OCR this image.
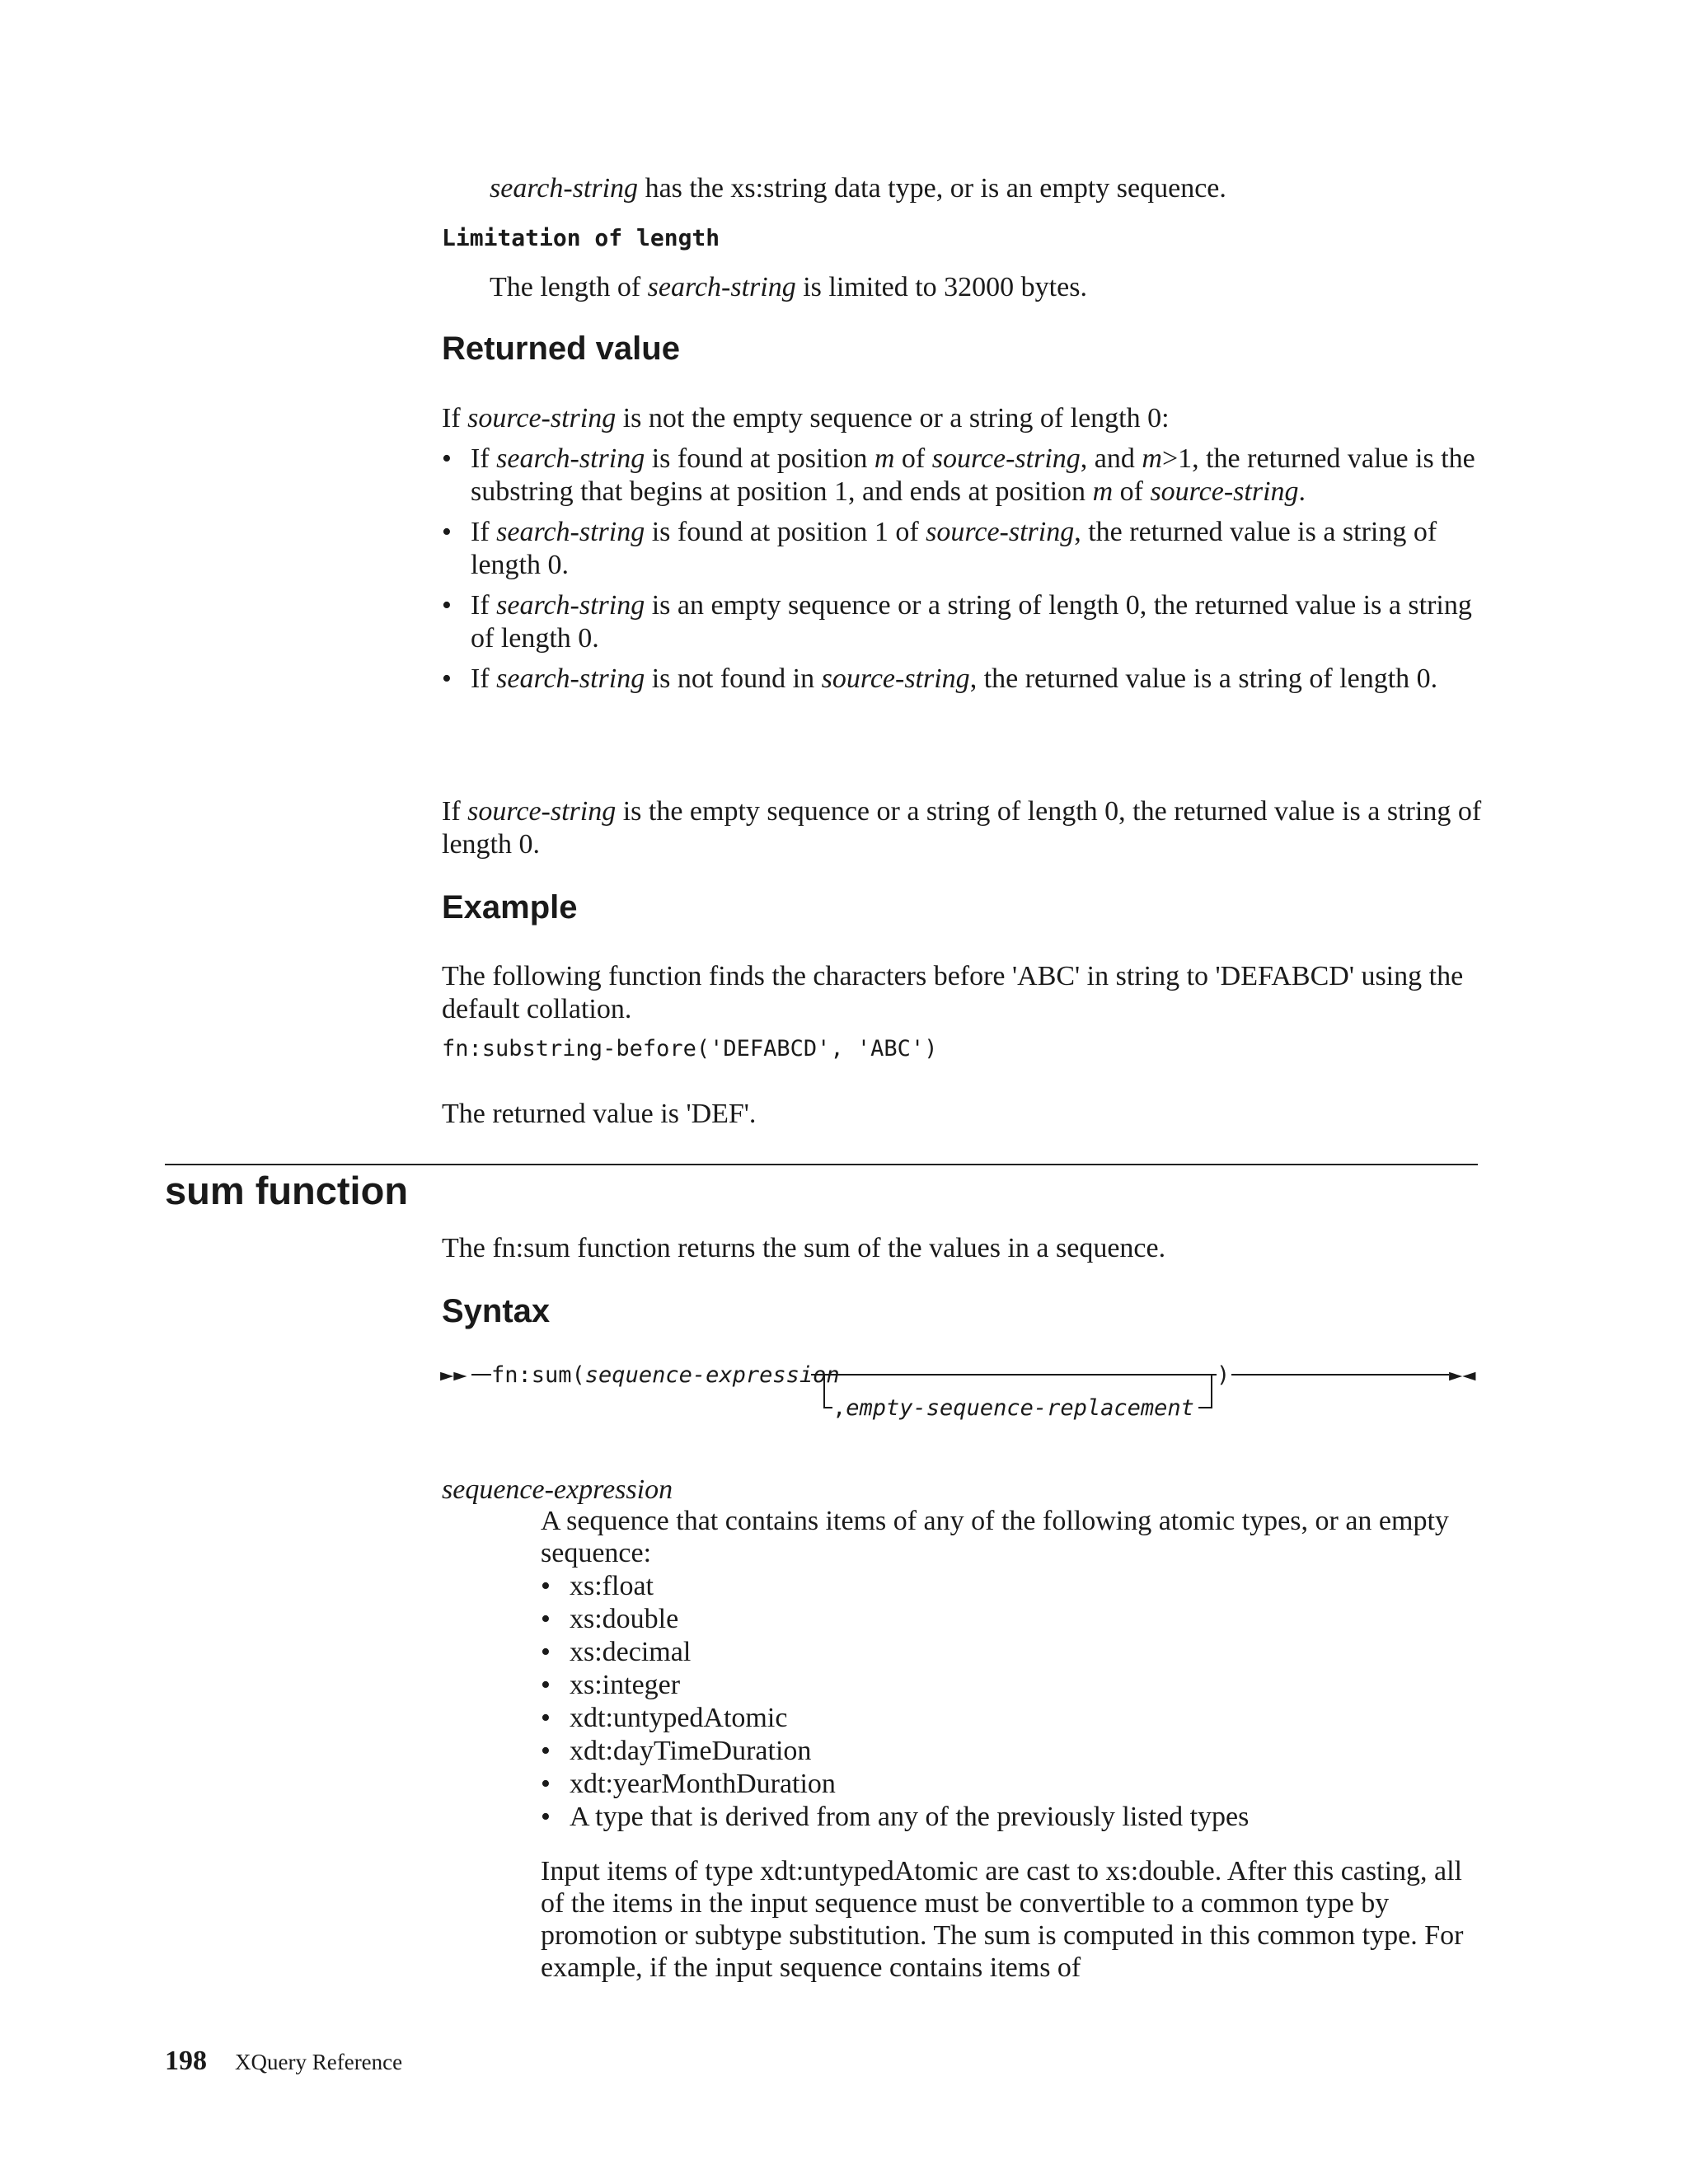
search-string has the xs:string data type, or is an empty sequence.

Limitation of length

The length of search-string is limited to 32000 bytes.

Returned value

If source-string is not the empty sequence or a string of length 0:

• If search-string is found at position m of source-string, and m>1, the returned value is the substring that begins at position 1, and ends at position m of source-string.
• If search-string is found at position 1 of source-string, the returned value is a string of length 0.
• If search-string is an empty sequence or a string of length 0, the returned value is a string of length 0.
• If search-string is not found in source-string, the returned value is a string of length 0.

If source-string is the empty sequence or a string of length 0, the returned value is a string of length 0.

Example

The following function finds the characters before 'ABC' in string to 'DEFABCD' using the default collation.

fn:substring-before('DEFABCD', 'ABC')

The returned value is 'DEF'.

sum function

The fn:sum function returns the sum of the values in a sequence.

Syntax
►► fn:sum(sequence-expression
,empty-sequence-replacement
)	►◄
sequence-expression

A sequence that contains items of any of the following atomic types, or an empty sequence:

• xs:float
• xs:double
• xs:decimal
• xs:integer
• xdt:untypedAtomic
• xdt:dayTimeDuration
• xdt:yearMonthDuration
• A type that is derived from any of the previously listed types

Input items of type xdt:untypedAtomic are cast to xs:double. After this casting, all of the items in the input sequence must be convertible to a common type by promotion or subtype substitution. The sum is computed in this common type. For example, if the input sequence contains items of

198 XQuery Reference
